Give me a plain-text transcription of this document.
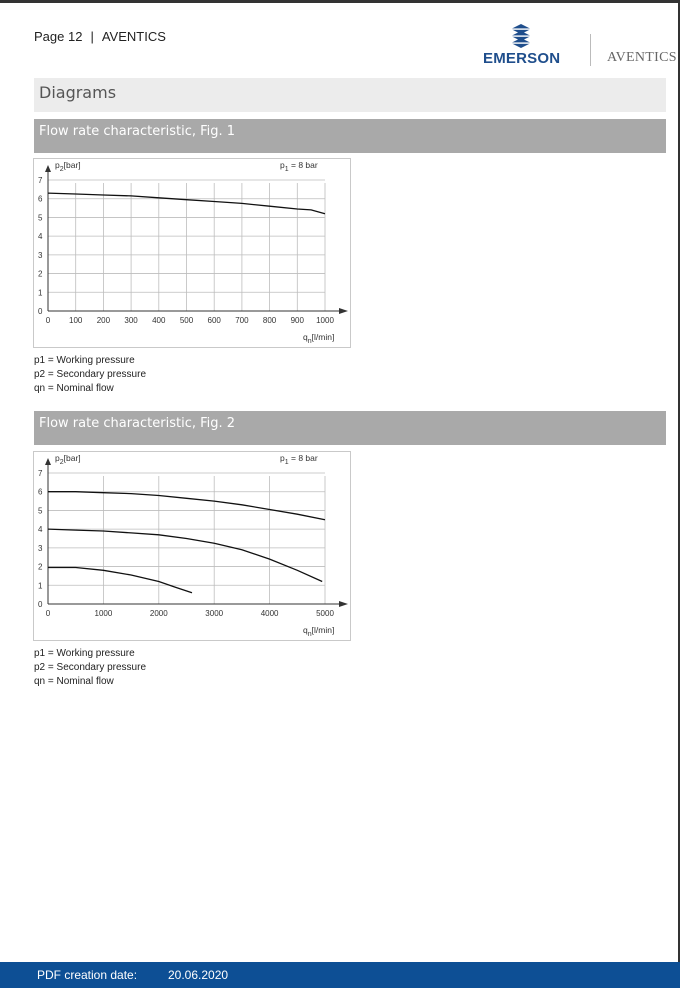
Page 12 | AVENTICS
EMERSON	AVENTICS
Diagrams
Flow rate characteristic, Fig. 1
0
1
2
3
4
5
6
7
0 100 200 300 400 500 600 700 800 900 1000
$p_2[bar]$	$p_1 = 8$ bar
$q_n[l/\min]$
p1 = Working pressure
p2 = Secondary pressure
qn = Nominal flow
Flow rate characteristic, Fig. 2
0
1
2
3
4
5
6
7
0	1000	2000	3000	4000	5000
$p_2[bar]$	$p_1 = 8$ bar
$q_n[l/\min]$
p1 = Working pressure
p2 = Secondary pressure
qn = Nominal flow
PDF creation date:	20.06.2020
